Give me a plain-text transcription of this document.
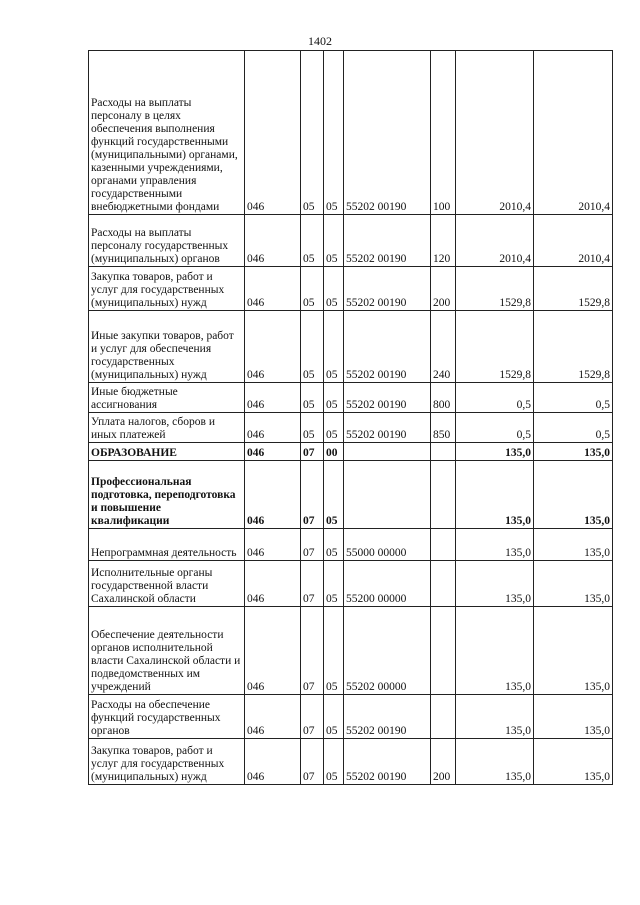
1402
Расходы на выплаты персоналу в целях обеспечения выполнения функций государственными (муниципальными) органами, казенными учреждениями, органами управления государственными внебюджетными фондами	046	05	05	55202 00190	100	2010,4	2010,4
Расходы на выплаты персоналу государственных (муниципальных) органов	046	05	05	55202 00190	120	2010,4	2010,4
Закупка товаров, работ и услуг для государственных (муниципальных) нужд	046	05	05	55202 00190	200	1529,8	1529,8
Иные закупки товаров, работ и услуг для обеспечения государственных (муниципальных) нужд	046	05	05	55202 00190	240	1529,8	1529,8
Иные бюджетные ассигнования	046	05	05	55202 00190	800	0,5	0,5
Уплата налогов, сборов и иных платежей	046	05	05	55202 00190	850	0,5	0,5
ОБРАЗОВАНИЕ	046	07	00			135,0	135,0
Профессиональная подготовка, переподготовка и повышение квалификации	046	07	05			135,0	135,0
Непрограммная деятельность	046	07	05	55000 00000		135,0	135,0
Исполнительные органы государственной власти Сахалинской области	046	07	05	55200 00000		135,0	135,0
Обеспечение деятельности органов исполнительной власти Сахалинской области и подведомственных им учреждений	046	07	05	55202 00000		135,0	135,0
Расходы на обеспечение функций государственных органов	046	07	05	55202 00190		135,0	135,0
Закупка товаров, работ и услуг для государственных (муниципальных) нужд	046	07	05	55202 00190	200	135,0	135,0
